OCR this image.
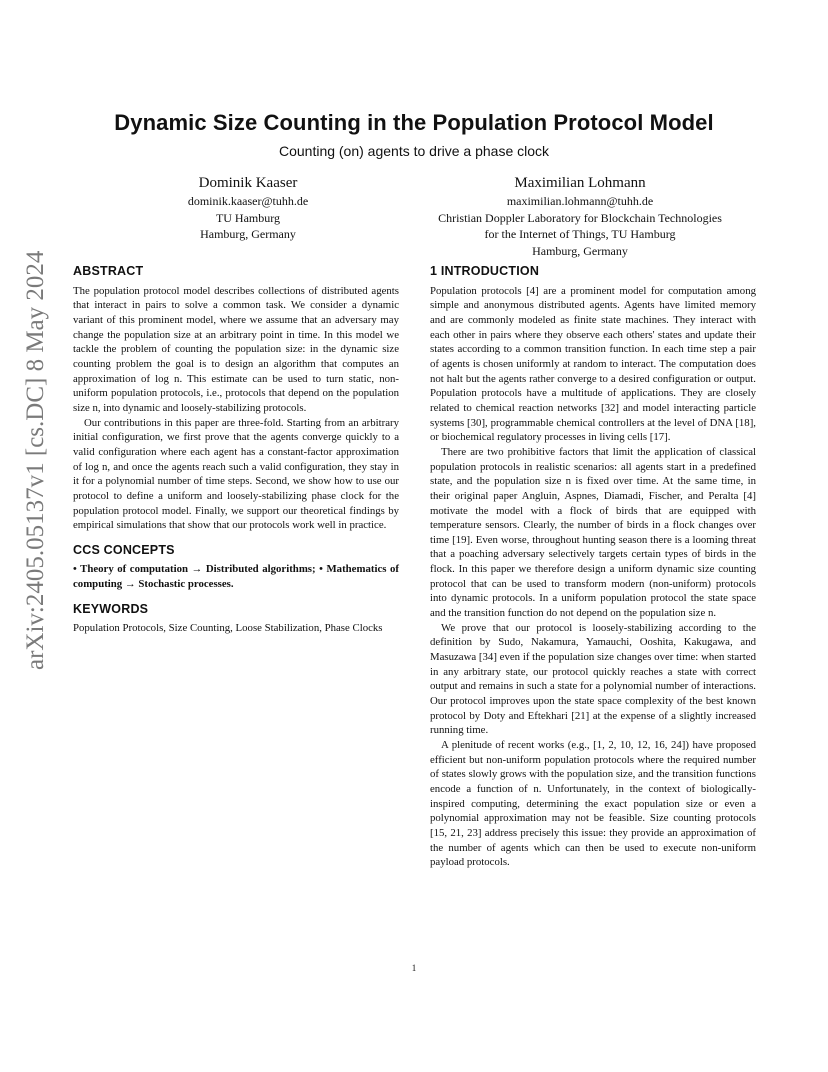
arXiv:2405.05137v1 [cs.DC] 8 May 2024
Dynamic Size Counting in the Population Protocol Model
Counting (on) agents to drive a phase clock
Dominik Kaaser
dominik.kaaser@tuhh.de
TU Hamburg
Hamburg, Germany
Maximilian Lohmann
maximilian.lohmann@tuhh.de
Christian Doppler Laboratory for Blockchain Technologies
for the Internet of Things, TU Hamburg
Hamburg, Germany
ABSTRACT

The population protocol model describes collections of distributed agents that interact in pairs to solve a common task. We consider a dynamic variant of this prominent model, where we assume that an adversary may change the population size at an arbitrary point in time. In this model we tackle the problem of counting the population size: in the dynamic size counting problem the goal is to design an algorithm that computes an approximation of log n. This estimate can be used to turn static, non-uniform population protocols, i.e., protocols that depend on the population size n, into dynamic and loosely-stabilizing protocols.

Our contributions in this paper are three-fold. Starting from an arbitrary initial configuration, we first prove that the agents converge quickly to a valid configuration where each agent has a constant-factor approximation of log n, and once the agents reach such a valid configuration, they stay in it for a polynomial number of time steps. Second, we show how to use our protocol to define a uniform and loosely-stabilizing phase clock for the population protocol model. Finally, we support our theoretical findings by empirical simulations that show that our protocols work well in practice.

CCS CONCEPTS

• Theory of computation → Distributed algorithms; • Mathematics of computing → Stochastic processes.

KEYWORDS

Population Protocols, Size Counting, Loose Stabilization, Phase Clocks

1 INTRODUCTION

Population protocols [4] are a prominent model for computation among simple and anonymous distributed agents. Agents have limited memory and are commonly modeled as finite state machines. They interact with each other in pairs where they observe each others' states and update their states according to a common transition function. In each time step a pair of agents is chosen uniformly at random to interact. The computation does not halt but the agents rather converge to a desired configuration or output. Population protocols have a multitude of applications. They are closely related to chemical reaction networks [32] and model interacting particle systems [30], programmable chemical controllers at the level of DNA [18], or biochemical regulatory processes in living cells [17].

There are two prohibitive factors that limit the application of classical population protocols in realistic scenarios: all agents start in a predefined state, and the population size n is fixed over time. At the same time, in their original paper Angluin, Aspnes, Diamadi, Fischer, and Peralta [4] motivate the model with a flock of birds that are equipped with temperature sensors. Clearly, the number of birds in a flock changes over time [19]. Even worse, throughout hunting season there is a looming threat that a poaching adversary selectively targets certain types of birds in the flock. In this paper we therefore design a uniform dynamic size counting protocol that can be used to transform modern (non-uniform) protocols into dynamic protocols. In a uniform population protocol the state space and the transition function do not depend on the population size n.

We prove that our protocol is loosely-stabilizing according to the definition by Sudo, Nakamura, Yamauchi, Ooshita, Kakugawa, and Masuzawa [34] even if the population size changes over time: when started in any arbitrary state, our protocol quickly reaches a state with correct output and remains in such a state for a polynomial number of interactions. Our protocol improves upon the state space complexity of the best known protocol by Doty and Eftekhari [21] at the expense of a slightly increased running time.

A plenitude of recent works (e.g., [1, 2, 10, 12, 16, 24]) have proposed efficient but non-uniform population protocols where the required number of states slowly grows with the population size, and the transition functions encode a function of n. Unfortunately, in the context of biologically-inspired computing, determining the exact population size or even a polynomial approximation may not be feasible. Size counting protocols [15, 21, 23] address precisely this issue: they provide an approximation of the number of agents which can then be used to execute non-uniform payload protocols.

1
